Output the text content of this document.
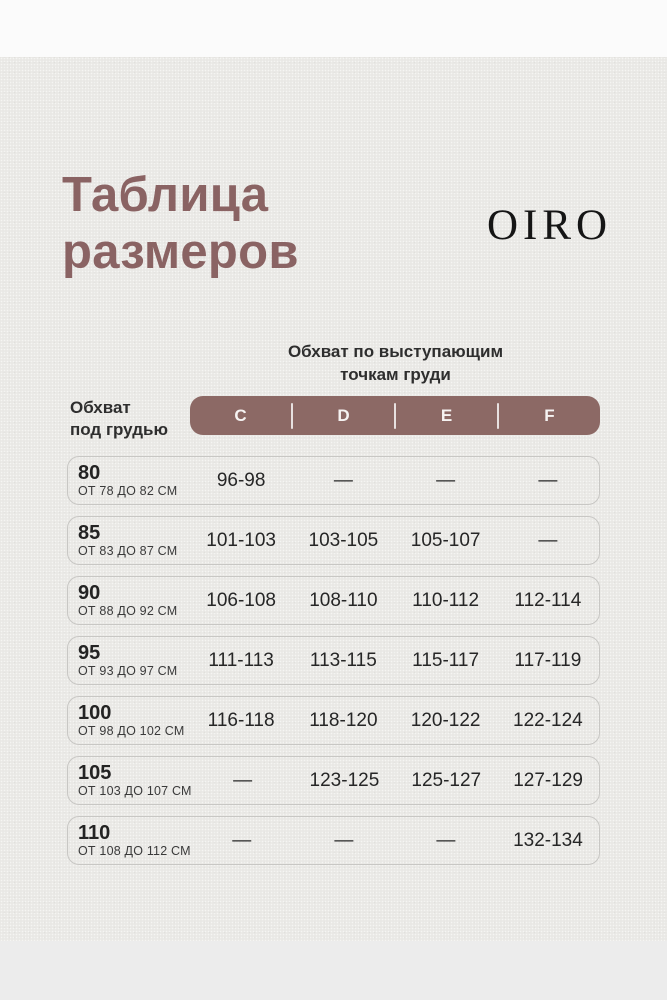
Таблица
размеров	OIRO
Обхват по выступающим
точкам груди
Обхват
под грудью
C	D	E	F
80
ОТ 78 ДО 82 СМ	96-98	—	—	—
85
ОТ 83 ДО 87 СМ	101-103	103-105	105-107	—
90
ОТ 88 ДО 92 СМ	106-108	108-110	110-112	112-114
95
ОТ 93 ДО 97 СМ	111-113	113-115	115-117	117-119
100
ОТ 98 ДО 102 СМ	116-118	118-120	120-122	122-124
105
ОТ 103 ДО 107 СМ	—	123-125	125-127	127-129
110
ОТ 108 ДО 112 СМ	—	—	—	132-134
